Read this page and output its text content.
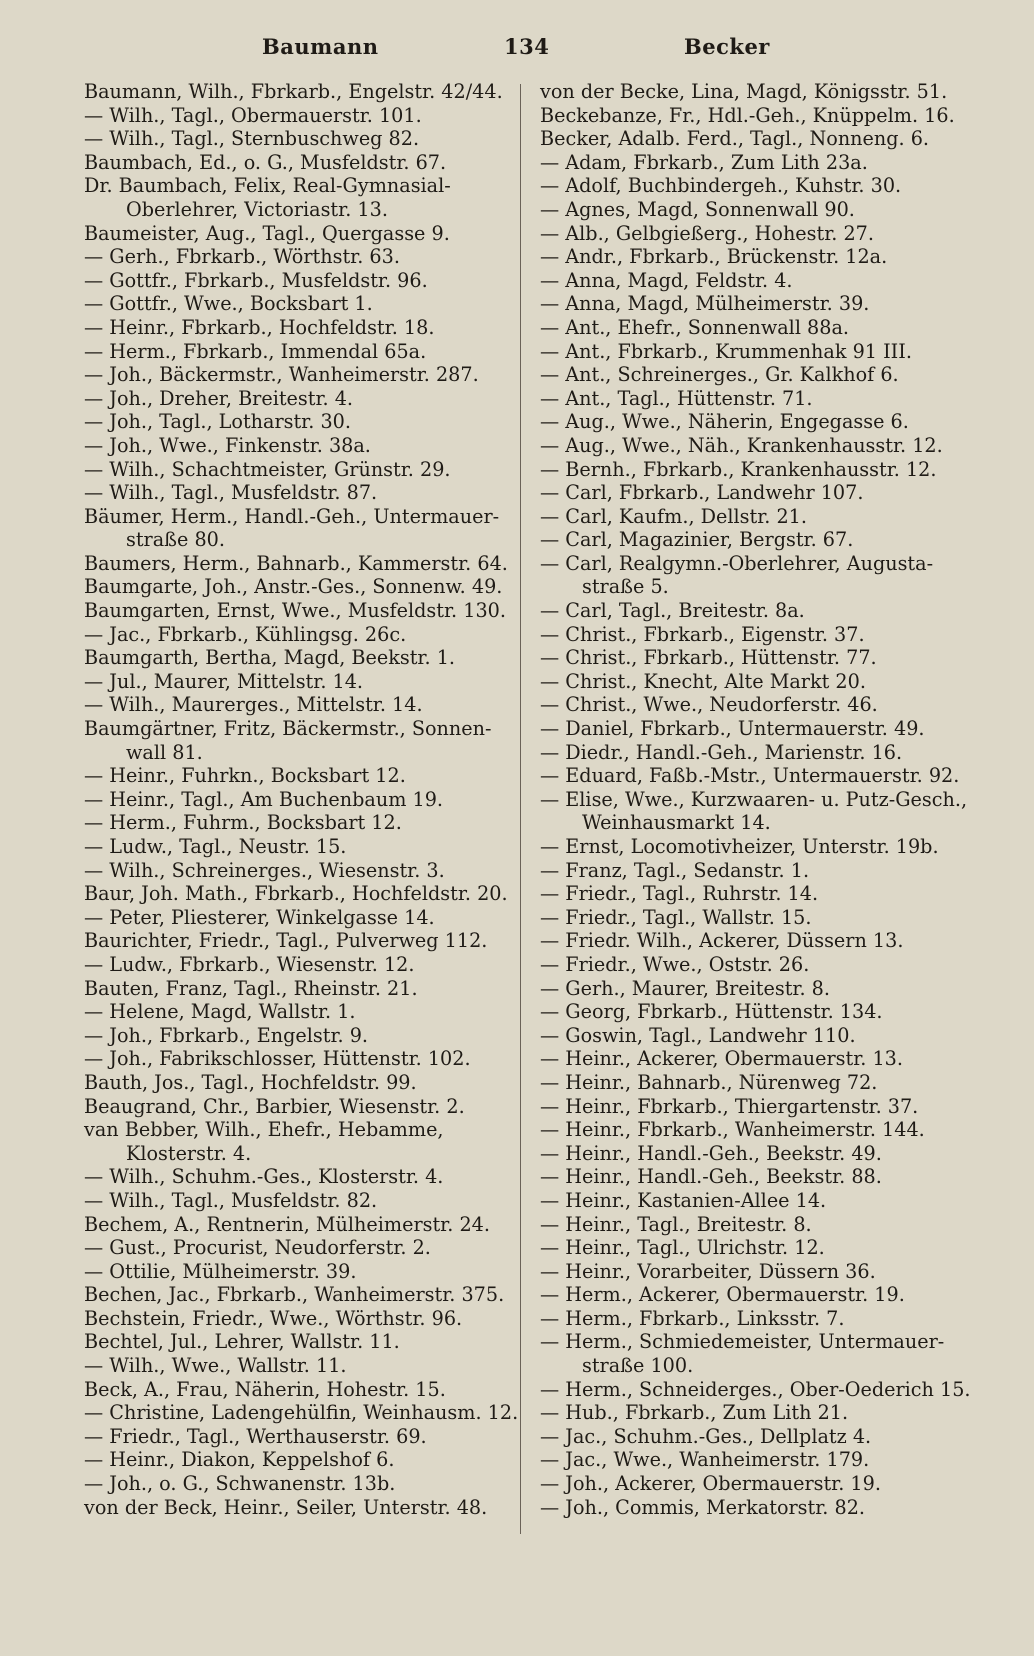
Baumann	134	Becker
Baumann, Wilh., Fbrkarb., Engelstr. 42/44.
— Wilh., Tagl., Obermauerstr. 101.
— Wilh., Tagl., Sternbuschweg 82.
Baumbach, Ed., o. G., Musfeldstr. 67.
Dr. Baumbach, Felix, Real-Gymnasial-
Oberlehrer, Victoriastr. 13.
Baumeister, Aug., Tagl., Quergasse 9.
— Gerh., Fbrkarb., Wörthstr. 63.
— Gottfr., Fbrkarb., Musfeldstr. 96.
— Gottfr., Wwe., Bocksbart 1.
— Heinr., Fbrkarb., Hochfeldstr. 18.
— Herm., Fbrkarb., Immendal 65a.
— Joh., Bäckermstr., Wanheimerstr. 287.
— Joh., Dreher, Breitestr. 4.
— Joh., Tagl., Lotharstr. 30.
— Joh., Wwe., Finkenstr. 38a.
— Wilh., Schachtmeister, Grünstr. 29.
— Wilh., Tagl., Musfeldstr. 87.
Bäumer, Herm., Handl.-Geh., Untermauer-
straße 80.
Baumers, Herm., Bahnarb., Kammerstr. 64.
Baumgarte, Joh., Anstr.-Ges., Sonnenw. 49.
Baumgarten, Ernst, Wwe., Musfeldstr. 130.
— Jac., Fbrkarb., Kühlingsg. 26c.
Baumgarth, Bertha, Magd, Beekstr. 1.
— Jul., Maurer, Mittelstr. 14.
— Wilh., Maurerges., Mittelstr. 14.
Baumgärtner, Fritz, Bäckermstr., Sonnen-
wall 81.
— Heinr., Fuhrkn., Bocksbart 12.
— Heinr., Tagl., Am Buchenbaum 19.
— Herm., Fuhrm., Bocksbart 12.
— Ludw., Tagl., Neustr. 15.
— Wilh., Schreinerges., Wiesenstr. 3.
Baur, Joh. Math., Fbrkarb., Hochfeldstr. 20.
— Peter, Pliesterer, Winkelgasse 14.
Baurichter, Friedr., Tagl., Pulverweg 112.
— Ludw., Fbrkarb., Wiesenstr. 12.
Bauten, Franz, Tagl., Rheinstr. 21.
— Helene, Magd, Wallstr. 1.
— Joh., Fbrkarb., Engelstr. 9.
— Joh., Fabrikschlosser, Hüttenstr. 102.
Bauth, Jos., Tagl., Hochfeldstr. 99.
Beaugrand, Chr., Barbier, Wiesenstr. 2.
van Bebber, Wilh., Ehefr., Hebamme,
Klosterstr. 4.
— Wilh., Schuhm.-Ges., Klosterstr. 4.
— Wilh., Tagl., Musfeldstr. 82.
Bechem, A., Rentnerin, Mülheimerstr. 24.
— Gust., Procurist, Neudorferstr. 2.
— Ottilie, Mülheimerstr. 39.
Bechen, Jac., Fbrkarb., Wanheimerstr. 375.
Bechstein, Friedr., Wwe., Wörthstr. 96.
Bechtel, Jul., Lehrer, Wallstr. 11.
— Wilh., Wwe., Wallstr. 11.
Beck, A., Frau, Näherin, Hohestr. 15.
— Christine, Ladengehülfin, Weinhausm. 12.
— Friedr., Tagl., Werthauserstr. 69.
— Heinr., Diakon, Keppelshof 6.
— Joh., o. G., Schwanenstr. 13b.
von der Beck, Heinr., Seiler, Unterstr. 48.
von der Becke, Lina, Magd, Königsstr. 51.
Beckebanze, Fr., Hdl.-Geh., Knüppelm. 16.
Becker, Adalb. Ferd., Tagl., Nonneng. 6.
— Adam, Fbrkarb., Zum Lith 23a.
— Adolf, Buchbindergeh., Kuhstr. 30.
— Agnes, Magd, Sonnenwall 90.
— Alb., Gelbgießerg., Hohestr. 27.
— Andr., Fbrkarb., Brückenstr. 12a.
— Anna, Magd, Feldstr. 4.
— Anna, Magd, Mülheimerstr. 39.
— Ant., Ehefr., Sonnenwall 88a.
— Ant., Fbrkarb., Krummenhak 91 III.
— Ant., Schreinerges., Gr. Kalkhof 6.
— Ant., Tagl., Hüttenstr. 71.
— Aug., Wwe., Näherin, Engegasse 6.
— Aug., Wwe., Näh., Krankenhausstr. 12.
— Bernh., Fbrkarb., Krankenhausstr. 12.
— Carl, Fbrkarb., Landwehr 107.
— Carl, Kaufm., Dellstr. 21.
— Carl, Magazinier, Bergstr. 67.
— Carl, Realgymn.-Oberlehrer, Augusta-
straße 5.
— Carl, Tagl., Breitestr. 8a.
— Christ., Fbrkarb., Eigenstr. 37.
— Christ., Fbrkarb., Hüttenstr. 77.
— Christ., Knecht, Alte Markt 20.
— Christ., Wwe., Neudorferstr. 46.
— Daniel, Fbrkarb., Untermauerstr. 49.
— Diedr., Handl.-Geh., Marienstr. 16.
— Eduard, Faßb.-Mstr., Untermauerstr. 92.
— Elise, Wwe., Kurzwaaren- u. Putz-Gesch.,
Weinhausmarkt 14.
— Ernst, Locomotivheizer, Unterstr. 19b.
— Franz, Tagl., Sedanstr. 1.
— Friedr., Tagl., Ruhrstr. 14.
— Friedr., Tagl., Wallstr. 15.
— Friedr. Wilh., Ackerer, Düssern 13.
— Friedr., Wwe., Oststr. 26.
— Gerh., Maurer, Breitestr. 8.
— Georg, Fbrkarb., Hüttenstr. 134.
— Goswin, Tagl., Landwehr 110.
— Heinr., Ackerer, Obermauerstr. 13.
— Heinr., Bahnarb., Nürenweg 72.
— Heinr., Fbrkarb., Thiergartenstr. 37.
— Heinr., Fbrkarb., Wanheimerstr. 144.
— Heinr., Handl.-Geh., Beekstr. 49.
— Heinr., Handl.-Geh., Beekstr. 88.
— Heinr., Kastanien-Allee 14.
— Heinr., Tagl., Breitestr. 8.
— Heinr., Tagl., Ulrichstr. 12.
— Heinr., Vorarbeiter, Düssern 36.
— Herm., Ackerer, Obermauerstr. 19.
— Herm., Fbrkarb., Linksstr. 7.
— Herm., Schmiedemeister, Untermauer-
straße 100.
— Herm., Schneiderges., Ober-Oederich 15.
— Hub., Fbrkarb., Zum Lith 21.
— Jac., Schuhm.-Ges., Dellplatz 4.
— Jac., Wwe., Wanheimerstr. 179.
— Joh., Ackerer, Obermauerstr. 19.
— Joh., Commis, Merkatorstr. 82.
